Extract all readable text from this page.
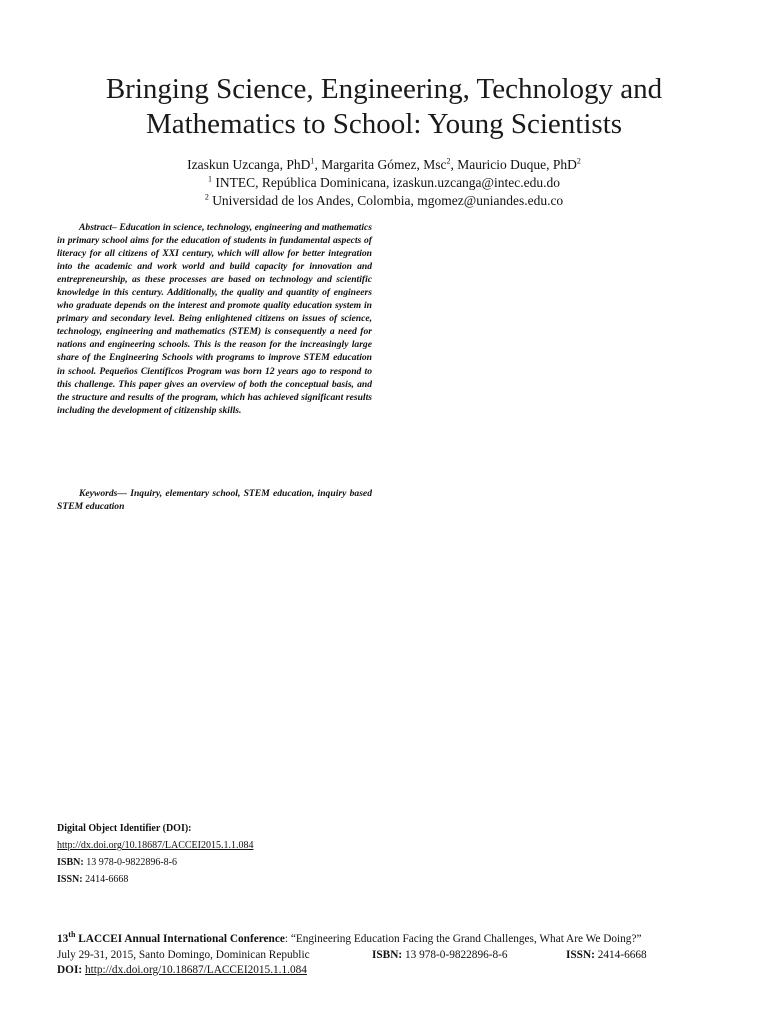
Bringing Science, Engineering, Technology and Mathematics to School: Young Scientists
Izaskun Uzcanga, PhD$^1$, Margarita Gómez, Msc$^2$, Mauricio Duque, PhD$^2$
$^1$ INTEC, República Dominicana, izaskun.uzcanga@intec.edu.do
$^2$ Universidad de los Andes, Colombia, mgomez@uniandes.edu.co
Abstract– Education in science, technology, engineering and mathematics in primary school aims for the education of students in fundamental aspects of literacy for all citizens of XXI century, which will allow for better integration into the academic and work world and build capacity for innovation and entrepreneurship, as these processes are based on technology and scientific knowledge in this century. Additionally, the quality and quantity of engineers who graduate depends on the interest and promote quality education system in primary and secondary level. Being enlightened citizens on issues of science, technology, engineering and mathematics (STEM) is consequently a need for nations and engineering schools. This is the reason for the increasingly large share of the Engineering Schools with programs to improve STEM education in school. Pequeños Científicos Program was born 12 years ago to respond to this challenge. This paper gives an overview of both the conceptual basis, and the structure and results of the program, which has achieved significant results including the development of citizenship skills.
Keywords— Inquiry, elementary school, STEM education, inquiry based STEM education
Digital Object Identifier (DOI):
http://dx.doi.org/10.18687/LACCEI2015.1.1.084
ISBN: 13 978-0-9822896-8-6
ISSN: 2414-6668
13th LACCEI Annual International Conference: “Engineering Education Facing the Grand Challenges, What Are We Doing?”
July 29-31, 2015, Santo Domingo, Dominican Republic	ISBN: 13 978-0-9822896-8-6	ISSN: 2414-6668
DOI: http://dx.doi.org/10.18687/LACCEI2015.1.1.084
